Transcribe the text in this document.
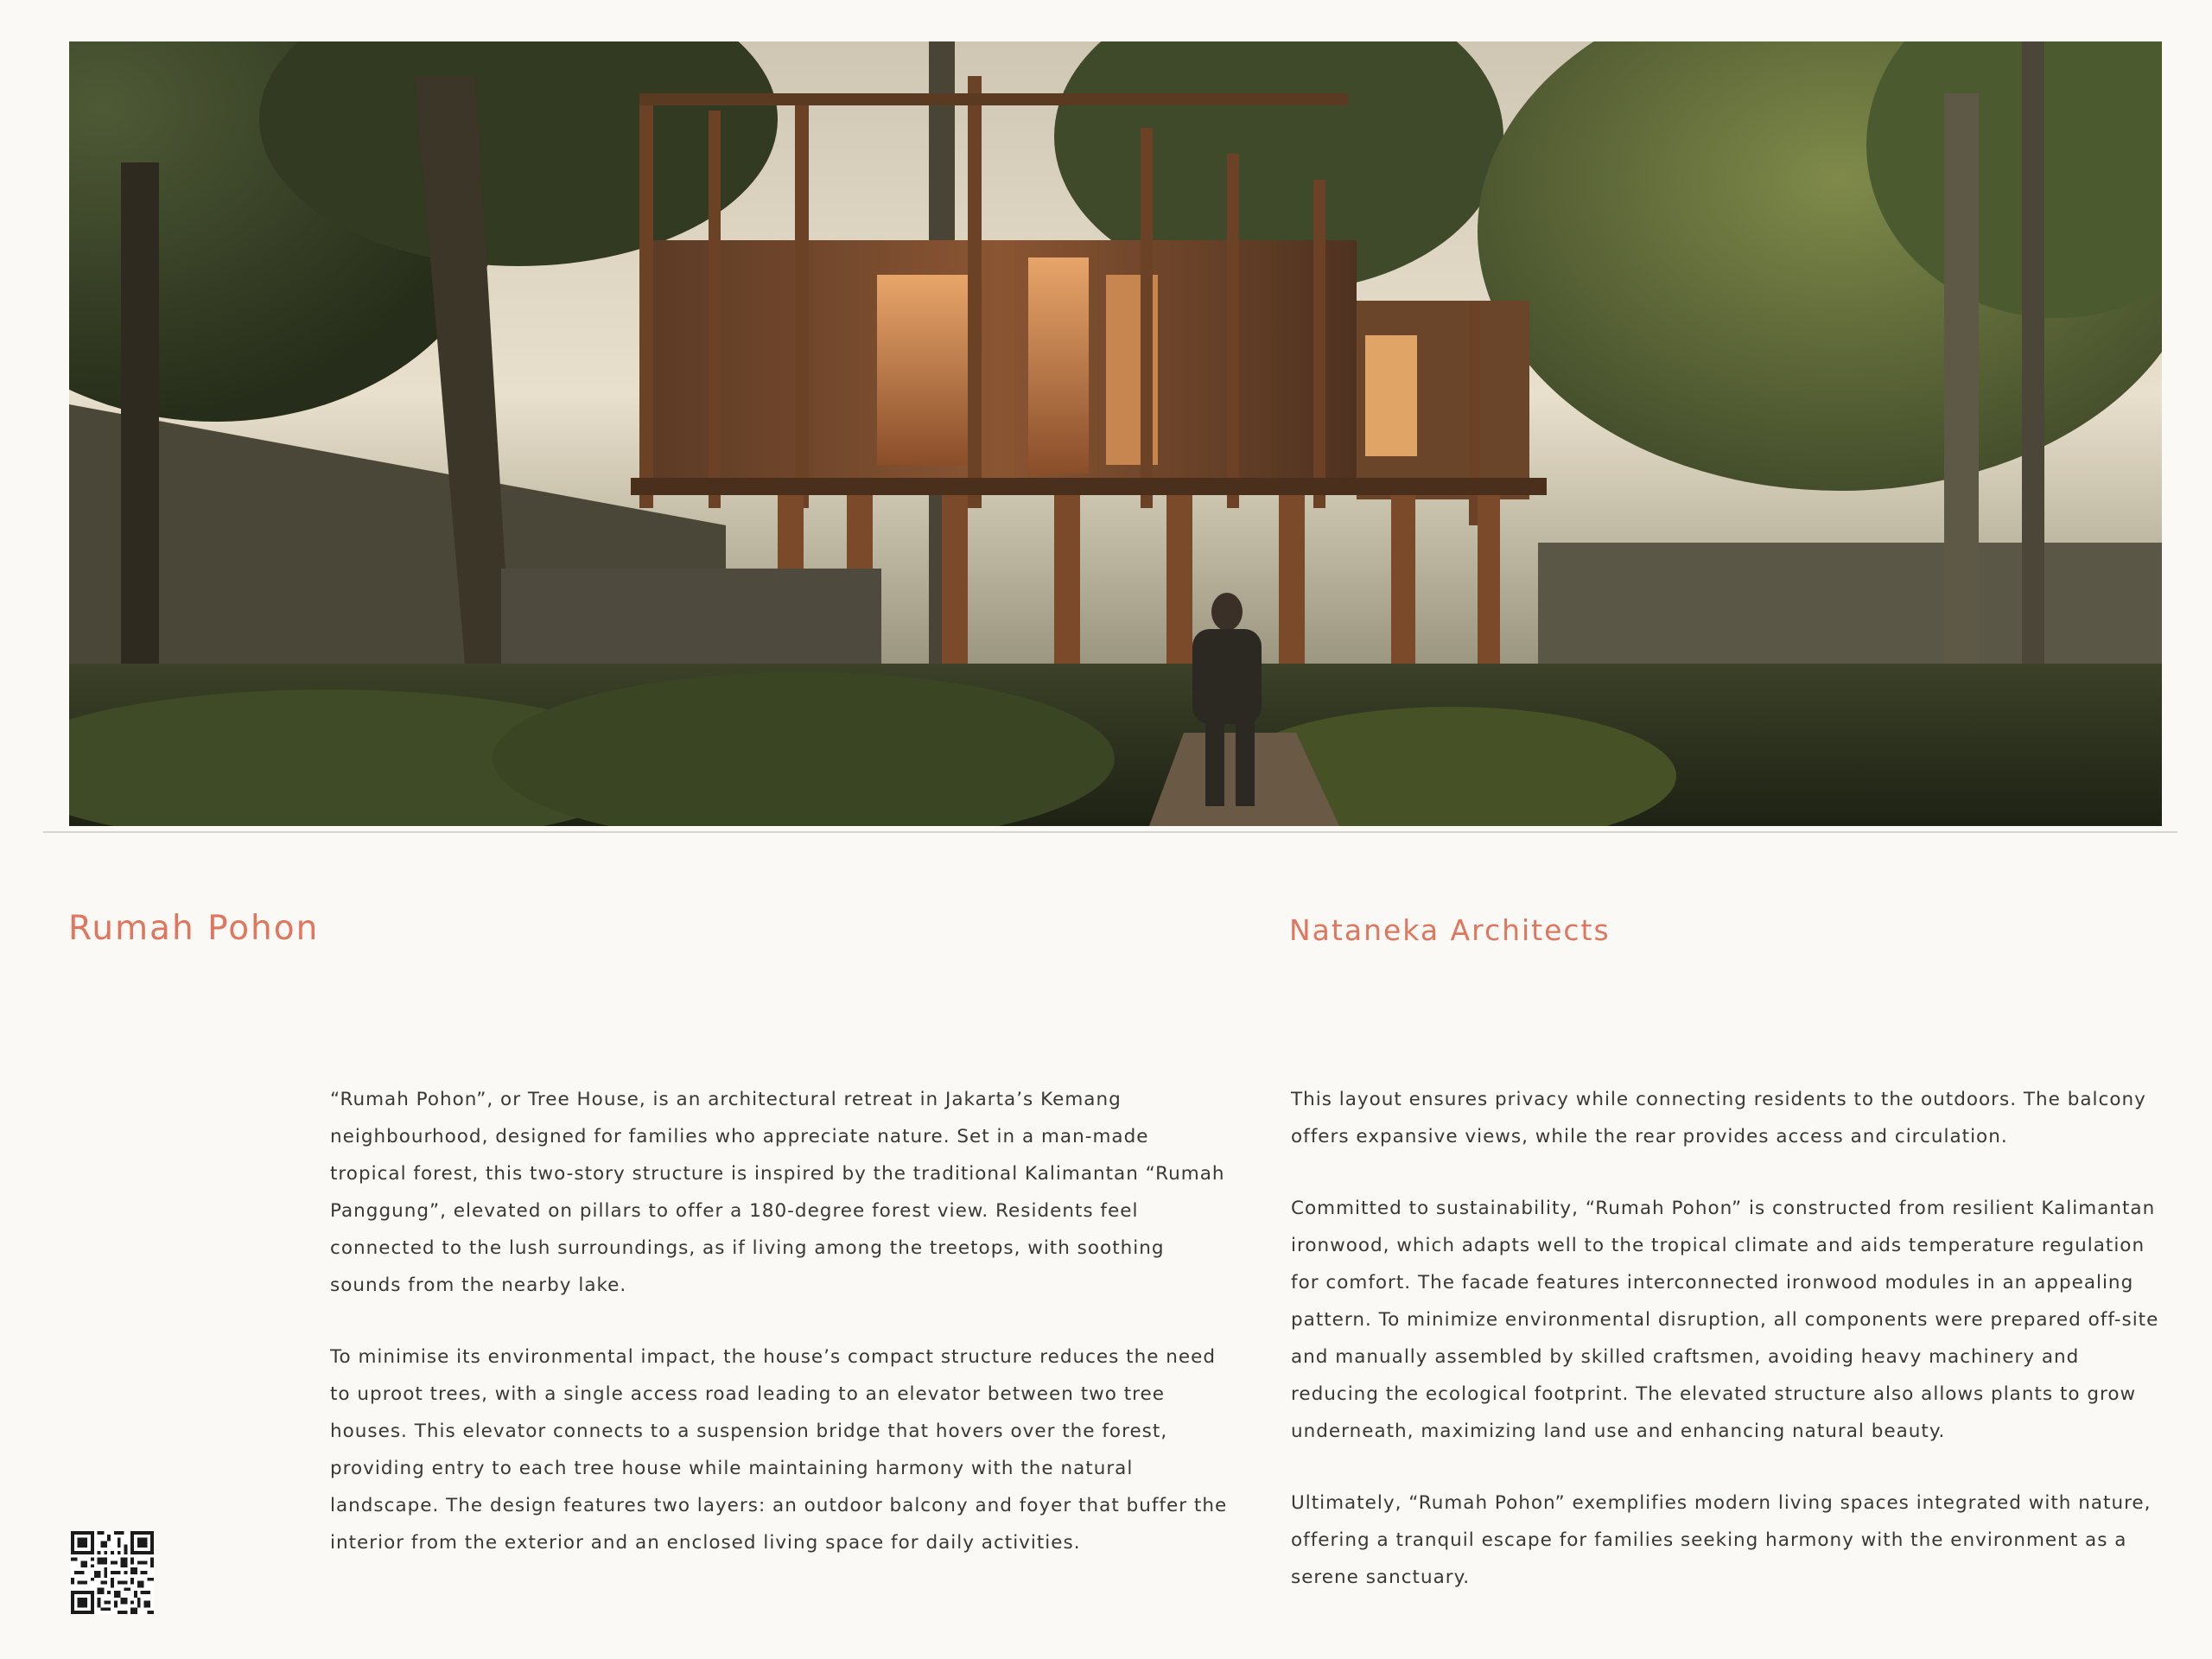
Rumah Pohon	Nataneka Architects

“Rumah Pohon”, or Tree House, is an architectural retreat in Jakarta’s Kemang neighbourhood, designed for families who appreciate nature. Set in a man-made tropical forest, this two-story structure is inspired by the traditional Kalimantan “Rumah Panggung”, elevated on pillars to offer a 180-degree forest view. Residents feel connected to the lush surroundings, as if living among the treetops, with soothing sounds from the nearby lake.

To minimise its environmental impact, the house’s compact structure reduces the need to uproot trees, with a single access road leading to an elevator between two tree houses. This elevator connects to a suspension bridge that hovers over the forest, providing entry to each tree house while maintaining harmony with the natural landscape. The design features two layers: an outdoor balcony and foyer that buffer the interior from the exterior and an enclosed living space for daily activities.

This layout ensures privacy while connecting residents to the outdoors. The balcony offers expansive views, while the rear provides access and circulation.

Committed to sustainability, “Rumah Pohon” is constructed from resilient Kalimantan ironwood, which adapts well to the tropical climate and aids temperature regulation for comfort. The facade features interconnected ironwood modules in an appealing pattern. To minimize environmental disruption, all components were prepared off-site and manually assembled by skilled craftsmen, avoiding heavy machinery and reducing the ecological footprint. The elevated structure also allows plants to grow underneath, maximizing land use and enhancing natural beauty.

Ultimately, “Rumah Pohon” exemplifies modern living spaces integrated with nature, offering a tranquil escape for families seeking harmony with the environment as a serene sanctuary.
